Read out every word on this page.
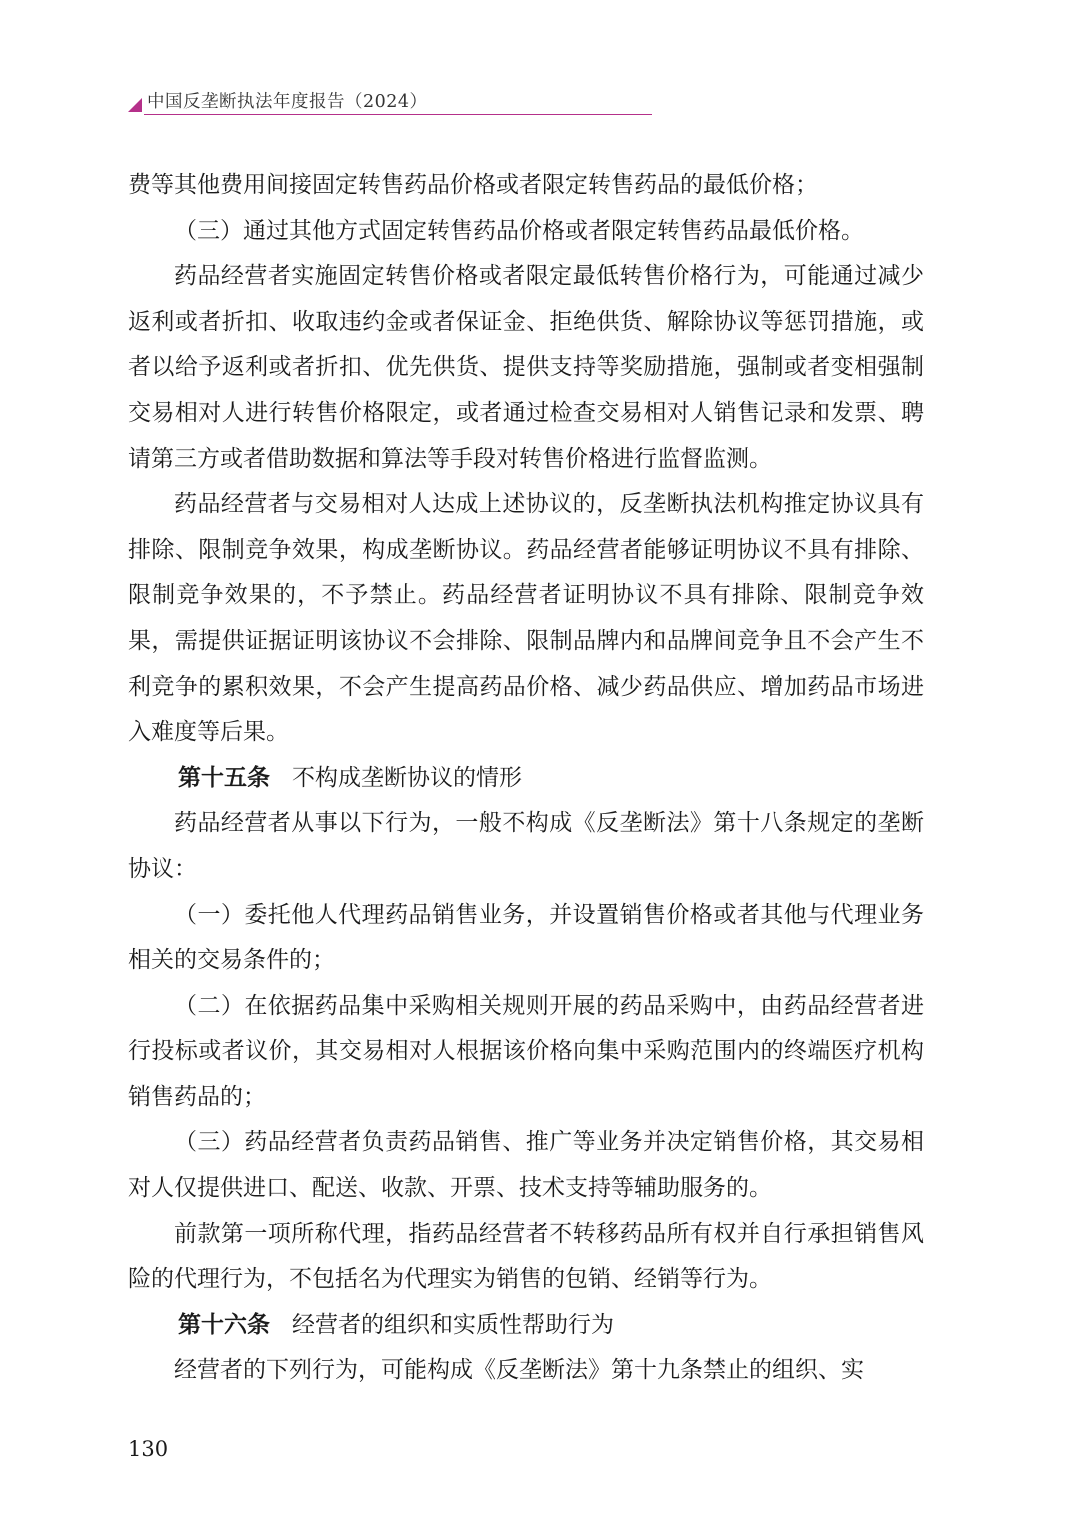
中国反垄断执法年度报告（2024）

费等其他费用间接固定转售药品价格或者限定转售药品的最低价格；

（三）通过其他方式固定转售药品价格或者限定转售药品最低价格。

药品经营者实施固定转售价格或者限定最低转售价格行为，可能通过减少返利或者折扣、收取违约金或者保证金、拒绝供货、解除协议等惩罚措施，或者以给予返利或者折扣、优先供货、提供支持等奖励措施，强制或者变相强制交易相对人进行转售价格限定，或者通过检查交易相对人销售记录和发票、聘请第三方或者借助数据和算法等手段对转售价格进行监督监测。

药品经营者与交易相对人达成上述协议的，反垄断执法机构推定协议具有排除、限制竞争效果，构成垄断协议。药品经营者能够证明协议不具有排除、限制竞争效果的，不予禁止。药品经营者证明协议不具有排除、限制竞争效果，需提供证据证明该协议不会排除、限制品牌内和品牌间竞争且不会产生不利竞争的累积效果，不会产生提高药品价格、减少药品供应、增加药品市场进入难度等后果。

第十五条 不构成垄断协议的情形

药品经营者从事以下行为，一般不构成《反垄断法》第十八条规定的垄断协议：

（一）委托他人代理药品销售业务，并设置销售价格或者其他与代理业务相关的交易条件的；

（二）在依据药品集中采购相关规则开展的药品采购中，由药品经营者进行投标或者议价，其交易相对人根据该价格向集中采购范围内的终端医疗机构销售药品的；

（三）药品经营者负责药品销售、推广等业务并决定销售价格，其交易相对人仅提供进口、配送、收款、开票、技术支持等辅助服务的。

前款第一项所称代理，指药品经营者不转移药品所有权并自行承担销售风险的代理行为，不包括名为代理实为销售的包销、经销等行为。

第十六条 经营者的组织和实质性帮助行为

经营者的下列行为，可能构成《反垄断法》第十九条禁止的组织、实

130
